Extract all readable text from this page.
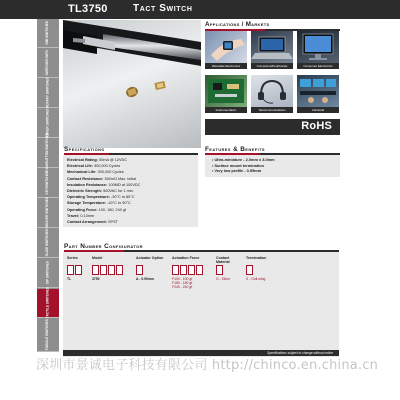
TL3750	Tact Switch
EMI SWITCHES
SWITCHES INFO
ROTARY SWITCHES
LEVER SWITCHES
PUSHBUTTON SWITCHES
KEYSWITCHES
ROCKER SWITCHES
SLIDE SWITCHES
DIP SWITCHES
TACTILE SWITCHES
TOGGLE SWITCHES
Applications / Markets
Wearable Electronics	Computers/Peripherals	Consumer Electronics
Instrumentation	Telecommunications	Industrial
RoHS
Specifications
Electrical Rating: 50mA @ 12VDC
Electrical Life: 300,000 Cycles
Mechanical Life: 300,000 Cycles
Contact Resistance: 500mΩ Max. initial
Insulation Resistance: 100MΩ at 100VDC
Dielectric Strength: 500VAC for 1 min.
Operating Temperature: -30°C to 85°C
Storage Temperature: -40°C to 90°C
Operating Force: 100, 180, 240 gf
Travel: 0.13mm
Contact Arrangement: SPST
Features & Benefits
• Ultra-miniature - 2.0mm x 3.0mm
• Surface mount termination
• Very low profile - 0.55mm
Part Number Configurator
Series
TL
Model
3750
Actuator Option
A - 0.90mm
Actuation Force
F100 - 100 gf
F180 - 180 gf
F240 - 240 gf
Contact Material
G - Silver
Termination
S - Gull-wing
Specifications subject to change without notice
深圳市景诚电子科技有限公司 http://chinco.en.china.cn
